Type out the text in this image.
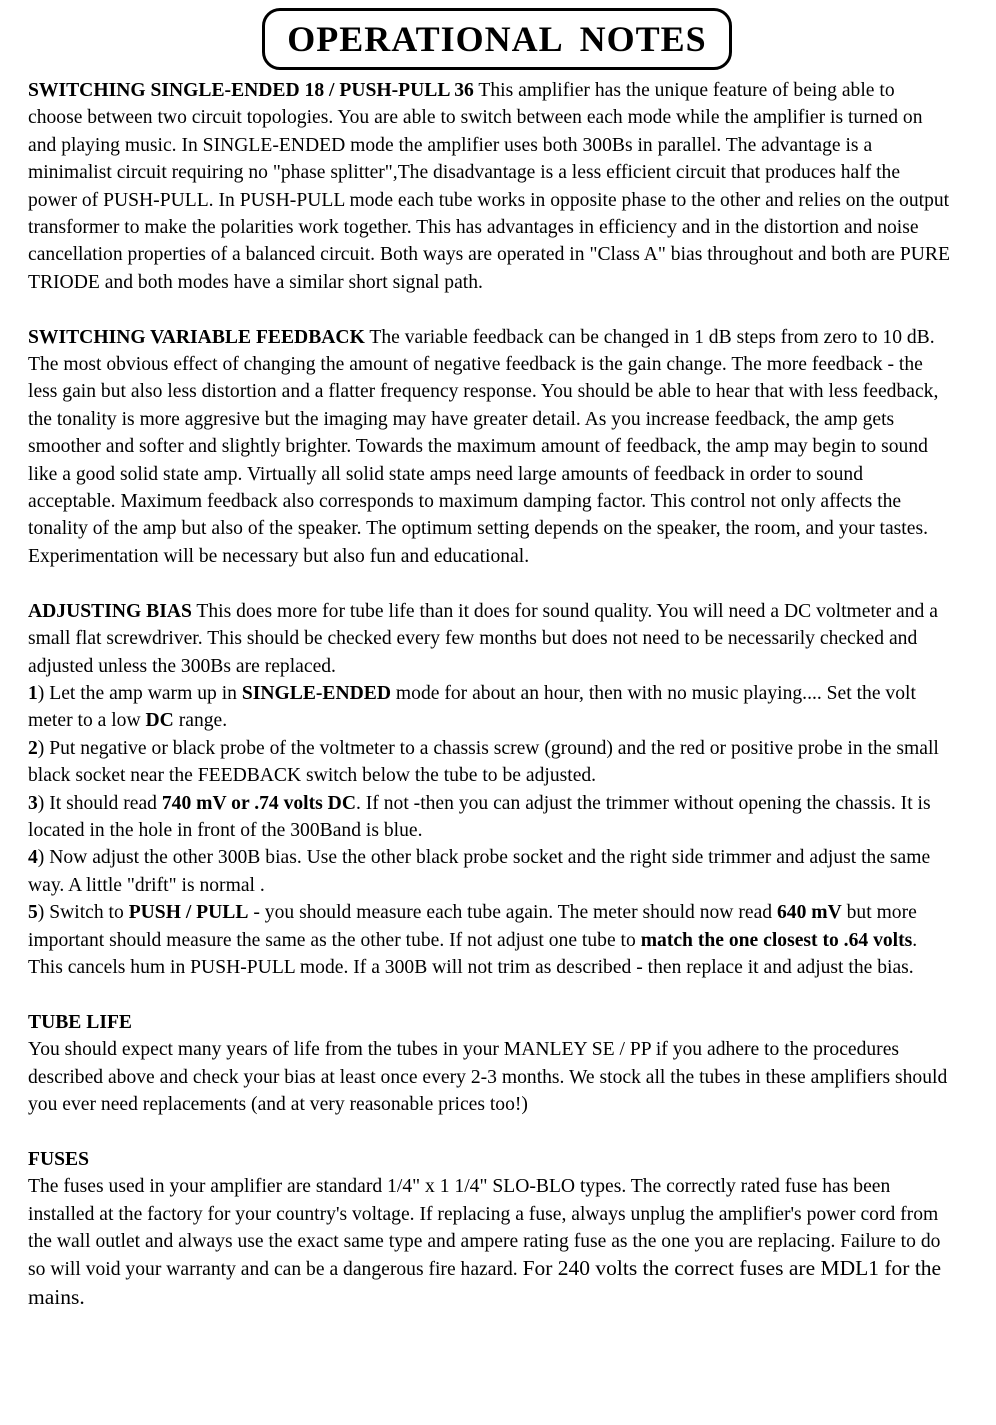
OPERATIONAL NOTES

SWITCHING SINGLE-ENDED 18 / PUSH-PULL 36 This amplifier has the unique feature of being able to choose between two circuit topologies. You are able to switch between each mode while the amplifier is turned on and playing music. In SINGLE-ENDED mode the amplifier uses both 300Bs in parallel. The advantage is a minimalist circuit requiring no "phase splitter",The disadvantage is a less efficient circuit that produces half the power of PUSH-PULL. In PUSH-PULL mode each tube works in opposite phase to the other and relies on the output transformer to make the polarities work together. This has advantages in efficiency and in the distortion and noise cancellation properties of a balanced circuit. Both ways are operated in "Class A" bias throughout and both are PURE TRIODE and both modes have a similar short signal path.

SWITCHING VARIABLE FEEDBACK The variable feedback can be changed in 1 dB steps from zero to 10 dB. The most obvious effect of changing the amount of negative feedback is the gain change. The more feedback - the less gain but also less distortion and a flatter frequency response. You should be able to hear that with less feedback, the tonality is more aggresive but the imaging may have greater detail. As you increase feedback, the amp gets smoother and softer and slightly brighter. Towards the maximum amount of feedback, the amp may begin to sound like a good solid state amp. Virtually all solid state amps need large amounts of feedback in order to sound acceptable. Maximum feedback also corresponds to maximum damping factor. This control not only affects the tonality of the amp but also of the speaker. The optimum setting depends on the speaker, the room, and your tastes. Experimentation will be necessary but also fun and educational.

ADJUSTING BIAS This does more for tube life than it does for sound quality. You will need a DC voltmeter and a small flat screwdriver. This should be checked every few months but does not need to be necessarily checked and adjusted unless the 300Bs are replaced.

1) Let the amp warm up in SINGLE-ENDED mode for about an hour, then with no music playing.... Set the volt meter to a low DC range.

2) Put negative or black probe of the voltmeter to a chassis screw (ground) and the red or positive probe in the small black socket near the FEEDBACK switch below the tube to be adjusted.

3) It should read 740 mV or .74 volts DC. If not -then you can adjust the trimmer without opening the chassis. It is located in the hole in front of the 300Band is blue.

4) Now adjust the other 300B bias. Use the other black probe socket and the right side trimmer and adjust the same way. A little "drift" is normal .

5) Switch to PUSH / PULL - you should measure each tube again. The meter should now read 640 mV but more important should measure the same as the other tube. If not adjust one tube to match the one closest to .64 volts. This cancels hum in PUSH-PULL mode. If a 300B will not trim as described - then replace it and adjust the bias.

TUBE LIFE
You should expect many years of life from the tubes in your MANLEY SE / PP if you adhere to the procedures described above and check your bias at least once every 2-3 months. We stock all the tubes in these amplifiers should you ever need replacements (and at very reasonable prices too!)

FUSES
The fuses used in your amplifier are standard 1/4" x 1 1/4" SLO-BLO types. The correctly rated fuse has been installed at the factory for your country's voltage. If replacing a fuse, always unplug the amplifier's power cord from the wall outlet and always use the exact same type and ampere rating fuse as the one you are replacing. Failure to do so will void your warranty and can be a dangerous fire hazard. For 240 volts the correct fuses are MDL1 for the mains.
